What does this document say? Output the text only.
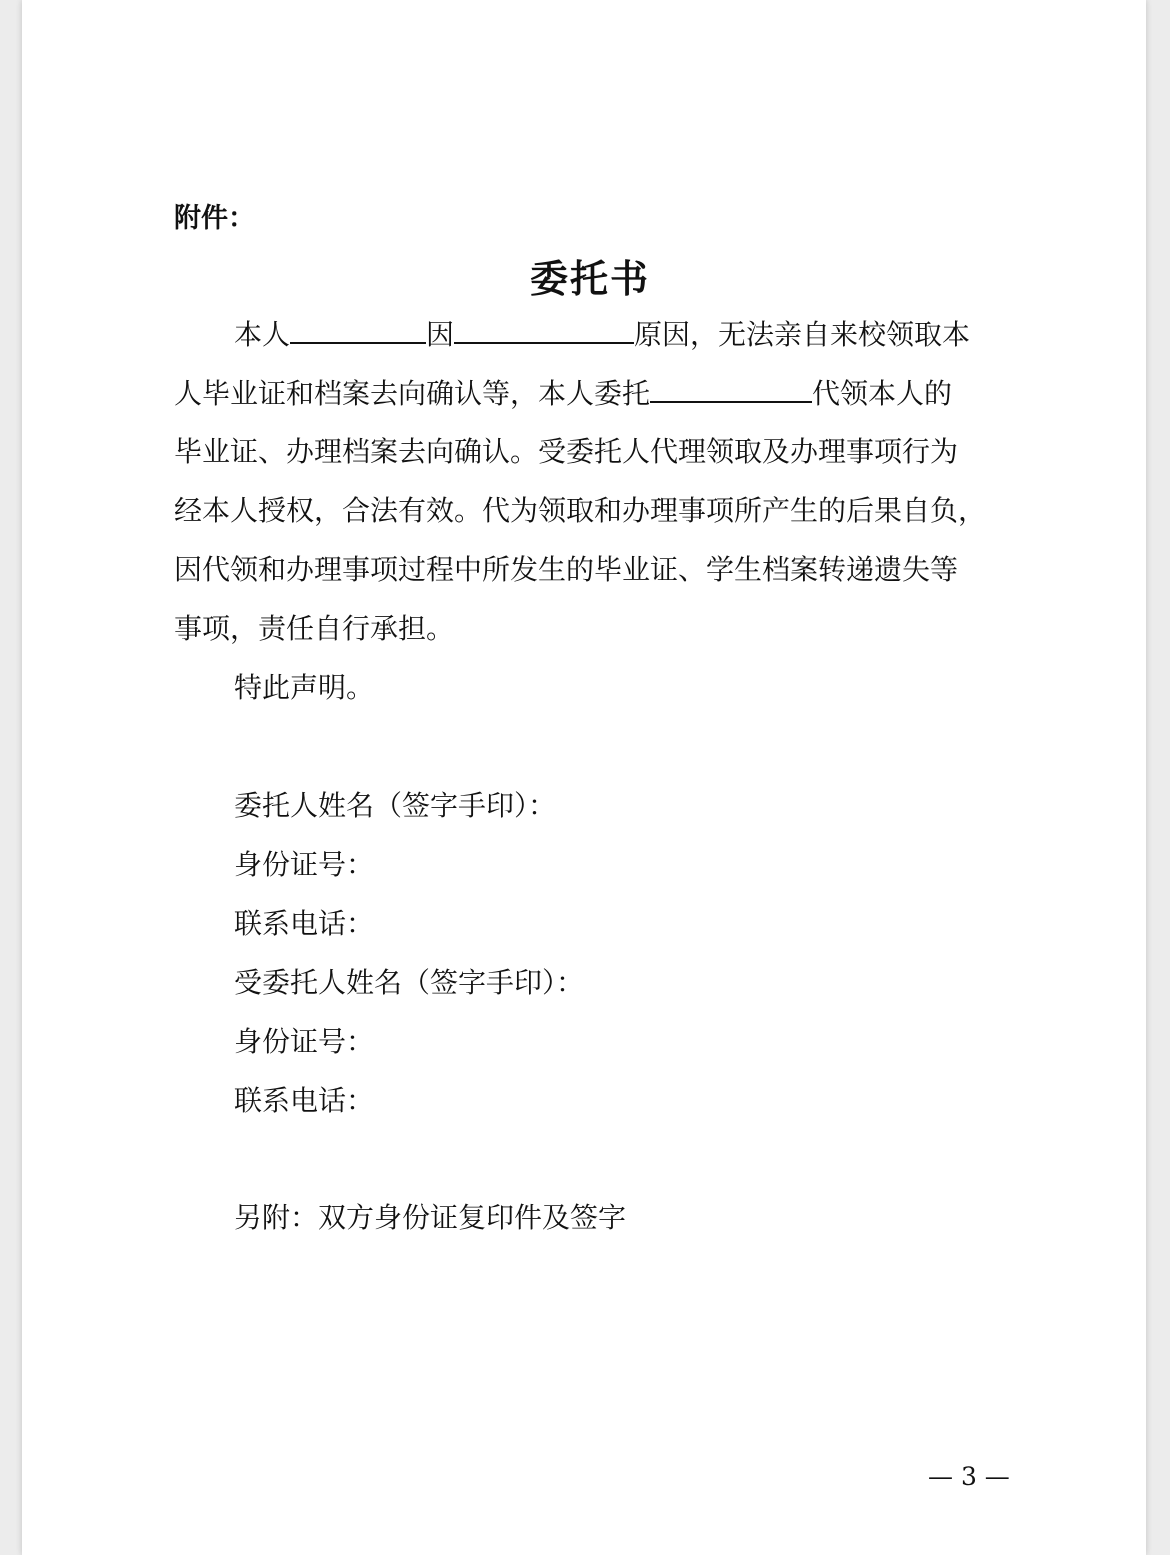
附件：
委托书
本人	因	原因，无法亲自来校领取本
人毕业证和档案去向确认等，本人委托	代领本人的
毕业证、办理档案去向确认。受委托人代理领取及办理事项行为
经本人授权，合法有效。代为领取和办理事项所产生的后果自负，
因代领和办理事项过程中所发生的毕业证、学生档案转递遗失等
事项，责任自行承担。
特此声明。
委托人姓名（签字手印）：
身份证号：
联系电话：
受委托人姓名（签字手印）：
身份证号：
联系电话：
另附：双方身份证复印件及签字
— 3 —
